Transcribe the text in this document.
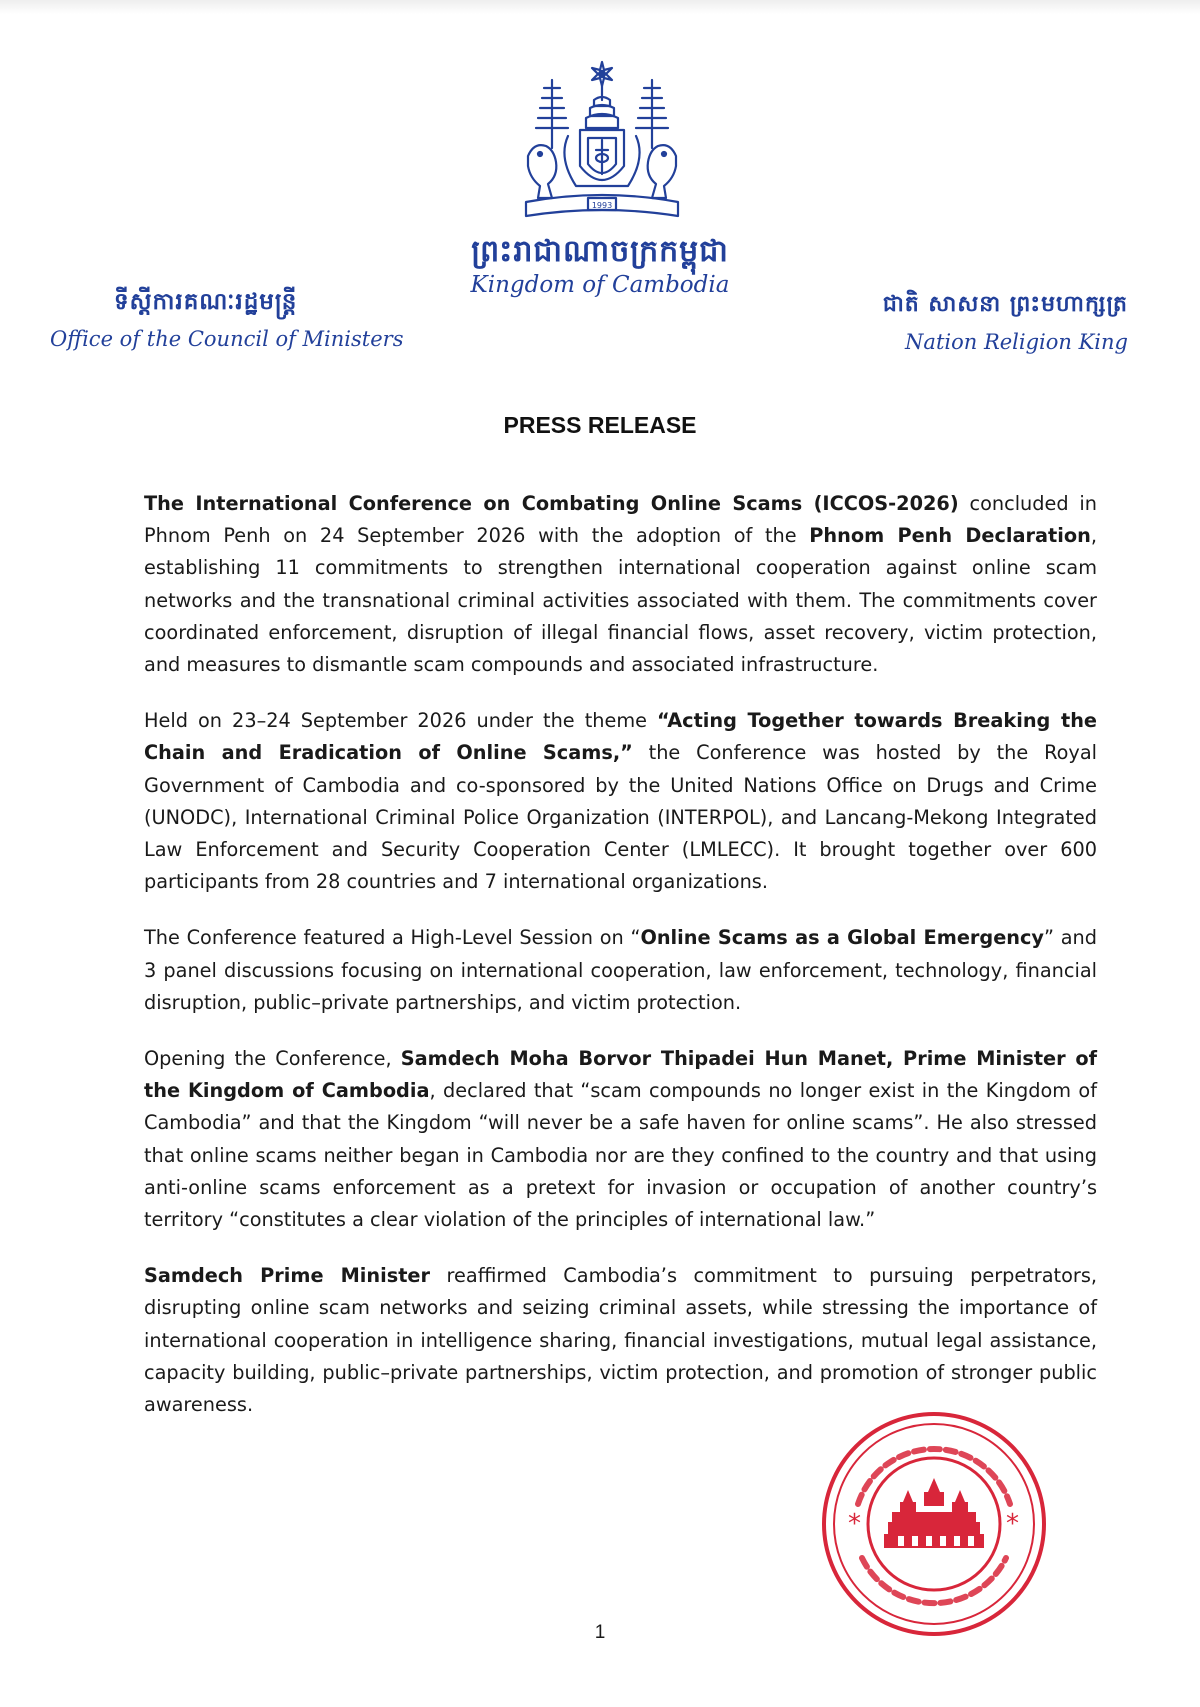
1993
ព្រះរាជាណាចក្រកម្ពុជា
Kingdom of Cambodia
ទីស្តីការគណៈរដ្ឋមន្ត្រី
Office of the Council of Ministers
ជាតិ សាសនា ព្រះមហាក្សត្រ
Nation Religion King
PRESS RELEASE

The International Conference on Combating Online Scams (ICCOS-2026) concluded in Phnom Penh on 24 September 2026 with the adoption of the Phnom Penh Declaration, establishing 11 commitments to strengthen international cooperation against online scam networks and the transnational criminal activities associated with them. The commitments cover coordinated enforcement, disruption of illegal financial flows, asset recovery, victim protection, and measures to dismantle scam compounds and associated infrastructure.

Held on 23–24 September 2026 under the theme “Acting Together towards Breaking the Chain and Eradication of Online Scams,” the Conference was hosted by the Royal Government of Cambodia and co-sponsored by the United Nations Office on Drugs and Crime (UNODC), International Criminal Police Organization (INTERPOL), and Lancang-Mekong Integrated Law Enforcement and Security Cooperation Center (LMLECC). It brought together over 600 participants from 28 countries and 7 international organizations.

The Conference featured a High-Level Session on “Online Scams as a Global Emergency” and 3 panel discussions focusing on international cooperation, law enforcement, technology, financial disruption, public–private partnerships, and victim protection.

Opening the Conference, Samdech Moha Borvor Thipadei Hun Manet, Prime Minister of the Kingdom of Cambodia, declared that “scam compounds no longer exist in the Kingdom of Cambodia” and that the Kingdom “will never be a safe haven for online scams”. He also stressed that online scams neither began in Cambodia nor are they confined to the country and that using anti-online scams enforcement as a pretext for invasion or occupation of another country’s territory “constitutes a clear violation of the principles of international law.”

Samdech Prime Minister reaffirmed Cambodia’s commitment to pursuing perpetrators, disrupting online scam networks and seizing criminal assets, while stressing the importance of international cooperation in intelligence sharing, financial investigations, mutual legal assistance, capacity building, public–private partnerships, victim protection, and promotion of stronger public awareness.

*	*
1
